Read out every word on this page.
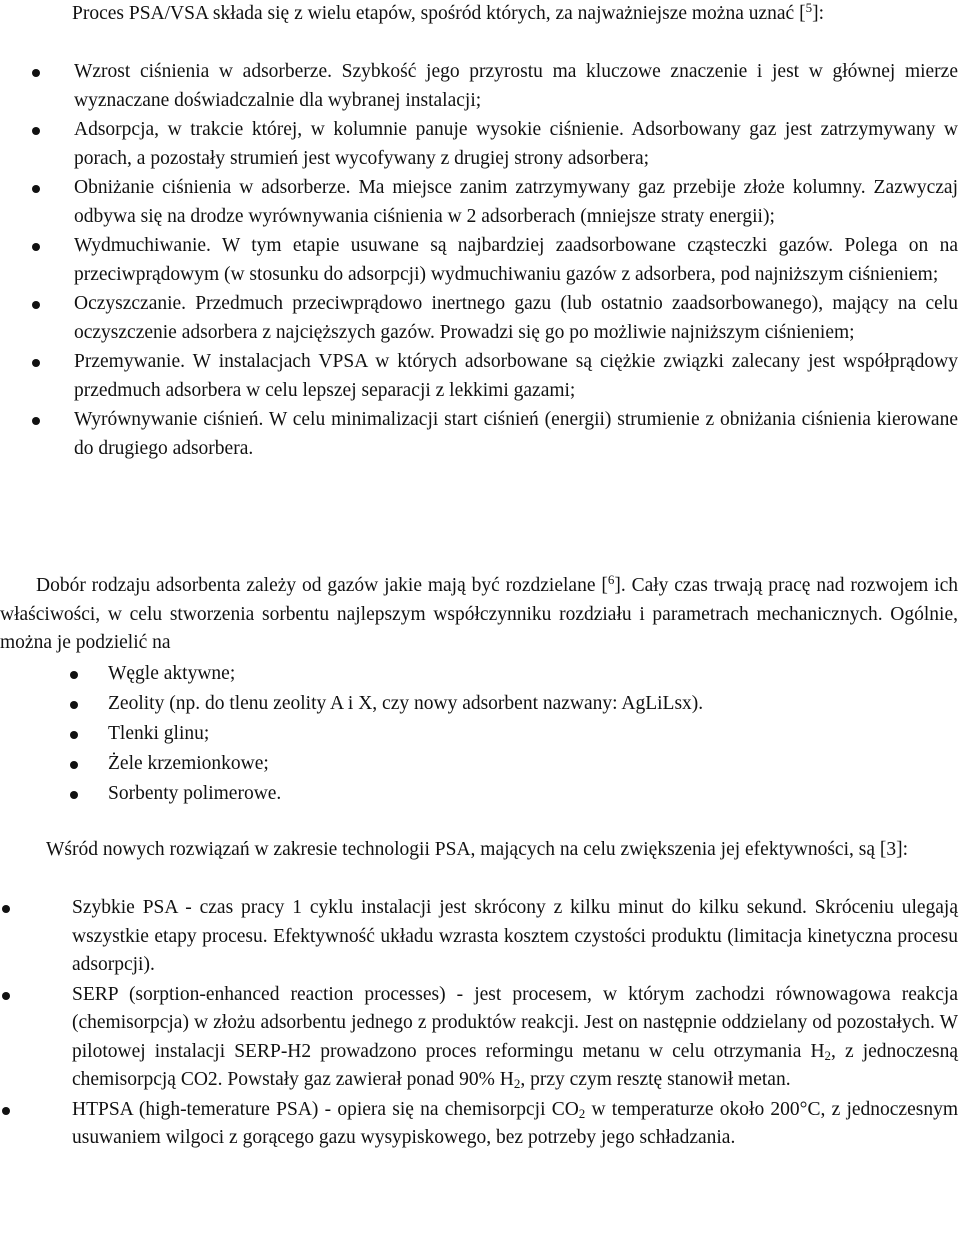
Proces PSA/VSA składa się z wielu etapów, spośród których, za najważniejsze można uznać [$^5$]:

Wzrost ciśnienia w adsorberze. Szybkość jego przyrostu ma kluczowe znaczenie i jest w głównej mierze wyznaczane doświadczalnie dla wybranej instalacji;
Adsorpcja, w trakcie której, w kolumnie panuje wysokie ciśnienie. Adsorbowany gaz jest zatrzymywany w porach, a pozostały strumień jest wycofywany z drugiej strony adsorbera;
Obniżanie ciśnienia w adsorberze. Ma miejsce zanim zatrzymywany gaz przebije złoże kolumny. Zazwyczaj odbywa się na drodze wyrównywania ciśnienia w 2 adsorberach (mniejsze straty energii);
Wydmuchiwanie. W tym etapie usuwane są najbardziej zaadsorbowane cząsteczki gazów. Polega on na przeciwprądowym (w stosunku do adsorpcji) wydmuchiwaniu gazów z adsorbera, pod najniższym ciśnieniem;
Oczyszczanie. Przedmuch przeciwprądowo inertnego gazu (lub ostatnio zaadsorbowanego), mający na celu oczyszczenie adsorbera z najcięższych gazów. Prowadzi się go po możliwie najniższym ciśnieniem;
Przemywanie. W instalacjach VPSA w których adsorbowane są ciężkie związki zalecany jest współprądowy przedmuch adsorbera w celu lepszej separacji z lekkimi gazami;
Wyrównywanie ciśnień. W celu minimalizacji start ciśnień (energii) strumienie z obniżania ciśnienia kierowane do drugiego adsorbera.

Dobór rodzaju adsorbenta zależy od gazów jakie mają być rozdzielane [$^6$]. Cały czas trwają pracę nad rozwojem ich właściwości, w celu stworzenia sorbentu najlepszym współczynniku rozdziału i parametrach mechanicznych. Ogólnie, można je podzielić na

Węgle aktywne;
Zeolity (np. do tlenu zeolity A i X, czy nowy adsorbent nazwany: AgLiLsx).
Tlenki glinu;
Żele krzemionkowe;
Sorbenty polimerowe.

Wśród nowych rozwiązań w zakresie technologii PSA, mających na celu zwiększenia jej efektywności, są [3]:

Szybkie PSA - czas pracy 1 cyklu instalacji jest skrócony z kilku minut do kilku sekund. Skróceniu ulegają wszystkie etapy procesu. Efektywność układu wzrasta kosztem czystości produktu (limitacja kinetyczna procesu adsorpcji).
SERP (sorption-enhanced reaction processes) - jest procesem, w którym zachodzi równowagowa reakcja (chemisorpcja) w złożu adsorbentu jednego z produktów reakcji. Jest on następnie oddzielany od pozostałych. W pilotowej instalacji SERP-H2 prowadzono proces reformingu metanu w celu otrzymania $H_2$, z jednoczesną chemisorpcją CO2. Powstały gaz zawierał ponad 90% $H_2$, przy czym resztę stanowił metan.
HTPSA (high-temerature PSA) - opiera się na chemisorpcji $CO_2$ w temperaturze około 200°C, z jednoczesnym usuwaniem wilgoci z gorącego gazu wysypiskowego, bez potrzeby jego schładzania.
